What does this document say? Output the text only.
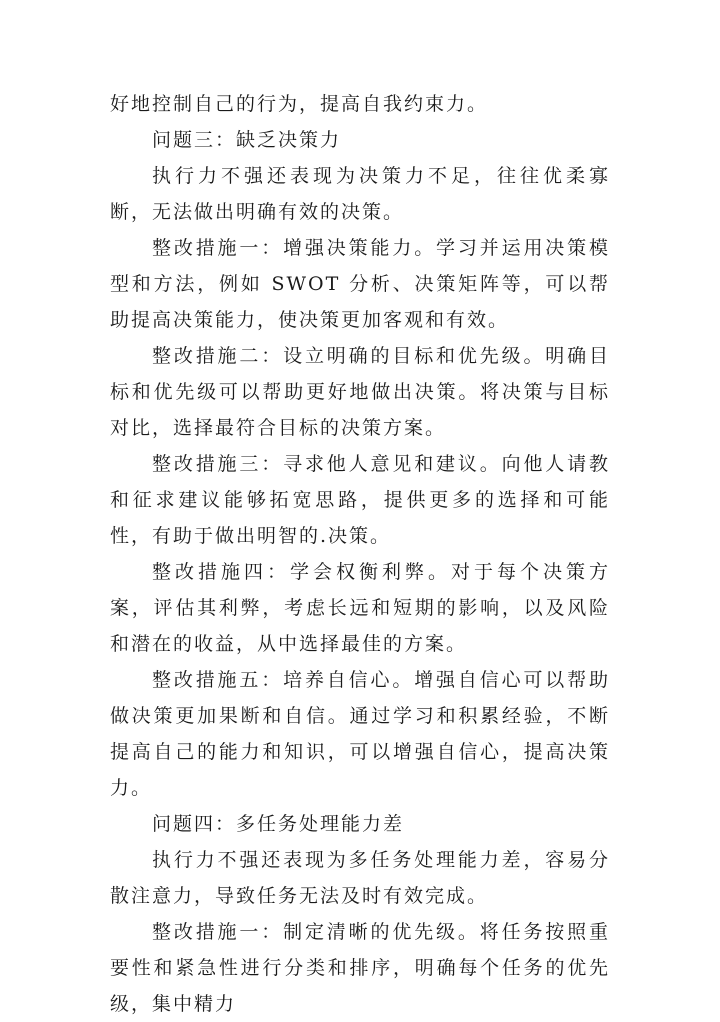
好地控制自己的行为，提高自我约束力。

问题三：缺乏决策力

执行力不强还表现为决策力不足，往往优柔寡断，无法做出明确有效的决策。

整改措施一：增强决策能力。学习并运用决策模型和方法，例如 SWOT 分析、决策矩阵等，可以帮助提高决策能力，使决策更加客观和有效。

整改措施二：设立明确的目标和优先级。明确目标和优先级可以帮助更好地做出决策。将决策与目标对比，选择最符合目标的决策方案。

整改措施三：寻求他人意见和建议。向他人请教和征求建议能够拓宽思路，提供更多的选择和可能性，有助于做出明智的.决策。

整改措施四：学会权衡利弊。对于每个决策方案，评估其利弊，考虑长远和短期的影响，以及风险和潜在的收益，从中选择最佳的方案。

整改措施五：培养自信心。增强自信心可以帮助做决策更加果断和自信。通过学习和积累经验，不断提高自己的能力和知识，可以增强自信心，提高决策力。

问题四：多任务处理能力差

执行力不强还表现为多任务处理能力差，容易分散注意力，导致任务无法及时有效完成。

整改措施一：制定清晰的优先级。将任务按照重要性和紧急性进行分类和排序，明确每个任务的优先级，集中精力
